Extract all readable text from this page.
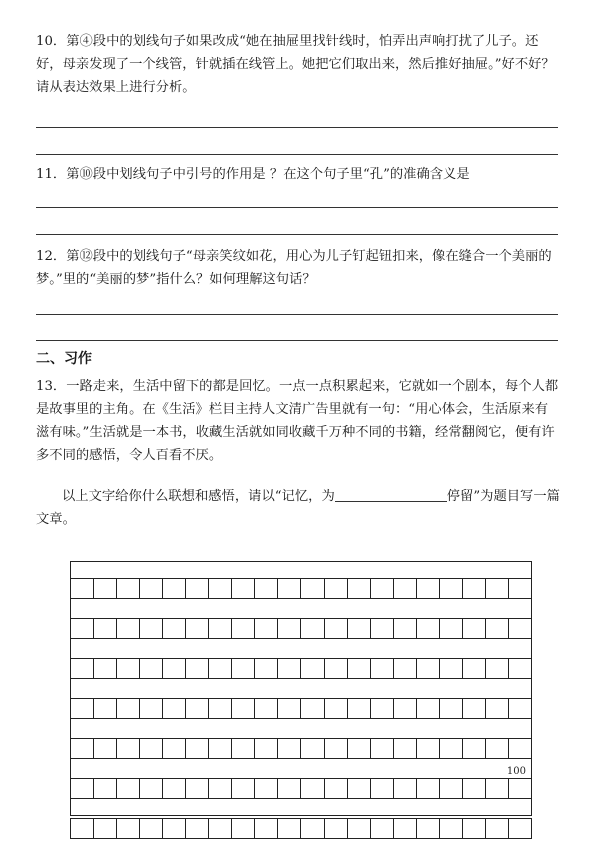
10．第④段中的划线句子如果改成“她在抽屉里找针线时，怕弄出声响打扰了儿子。还好，母亲发现了一个线管，针就插在线管上。她把它们取出来，然后推好抽屉。”好不好？请从表达效果上进行分析。

11．第⑩段中划线句子中引号的作用是 ？在这个句子里“孔”的准确含义是

12．第⑫段中的划线句子“母亲笑纹如花，用心为儿子钉起钮扣来，像在缝合一个美丽的梦。”里的“美丽的梦”指什么？如何理解这句话？

二、习作

13．一路走来，生活中留下的都是回忆。一点一点积累起来，它就如一个剧本，每个人都是故事里的主角。在《生活》栏目主持人文清广告里就有一句：“用心体会，生活原来有滋有味。”生活就是一本书，收藏生活就如同收藏千万种不同的书籍，经常翻阅它，便有许多不同的感悟，令人百看不厌。

以上文字给你什么联想和感悟，请以“记忆，为	停留”为题目写一篇文章。

100
